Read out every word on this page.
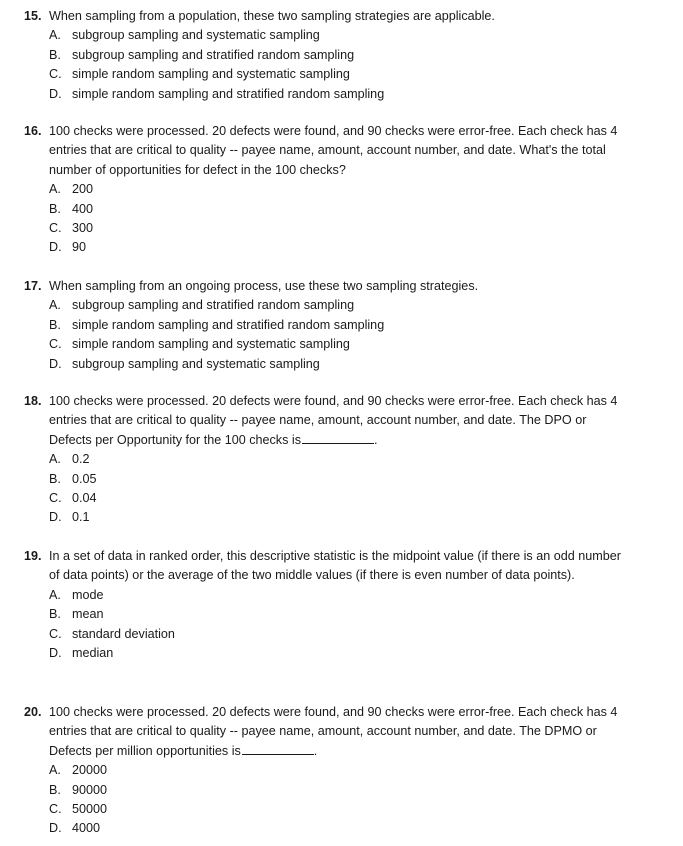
15. When sampling from a population, these two sampling strategies are applicable.
A. subgroup sampling and systematic sampling
B. subgroup sampling and stratified random sampling
C. simple random sampling and systematic sampling
D. simple random sampling and stratified random sampling
16. 100 checks were processed. 20 defects were found, and 90 checks were error-free. Each check has 4 entries that are critical to quality -- payee name, amount, account number, and date. What's the total number of opportunities for defect in the 100 checks?
A. 200
B. 400
C. 300
D. 90
17. When sampling from an ongoing process, use these two sampling strategies.
A. subgroup sampling and stratified random sampling
B. simple random sampling and stratified random sampling
C. simple random sampling and systematic sampling
D. subgroup sampling and systematic sampling
18. 100 checks were processed. 20 defects were found, and 90 checks were error-free. Each check has 4 entries that are critical to quality -- payee name, amount, account number, and date. The DPO or Defects per Opportunity for the 100 checks is	.
A. 0.2
B. 0.05
C. 0.04
D. 0.1
19. In a set of data in ranked order, this descriptive statistic is the midpoint value (if there is an odd number of data points) or the average of the two middle values (if there is even number of data points).
A. mode
B. mean
C. standard deviation
D. median
20. 100 checks were processed. 20 defects were found, and 90 checks were error-free. Each check has 4 entries that are critical to quality -- payee name, amount, account number, and date. The DPMO or Defects per million opportunities is	.
A. 20000
B. 90000
C. 50000
D. 4000
